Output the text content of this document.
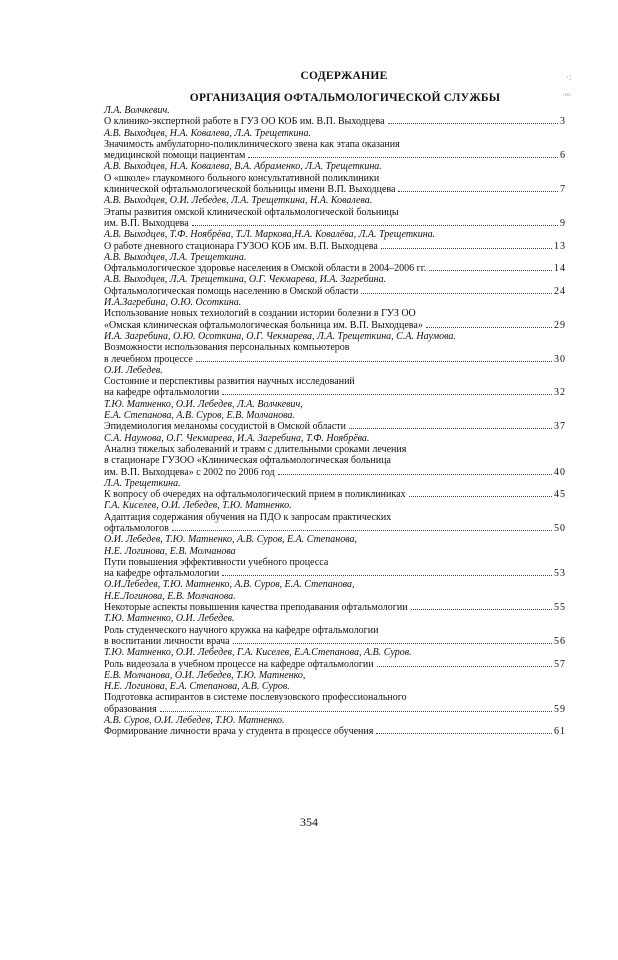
·:
·ˢᵃ·
СОДЕРЖАНИЕ
ОРГАНИЗАЦИЯ ОФТАЛЬМОЛОГИЧЕСКОЙ СЛУЖБЫ
Л.А. Волчкевич.
О клинико-экспертной работе в ГУЗ ОО КОБ им. В.П. Выходцева	3
А.В. Выходцев, Н.А. Ковалева, Л.А. Трещеткина.
Значимость амбулаторно-поликлинического звена как этапа оказания
медицинской помощи пациентам	6
А.В. Выходцев, Н.А. Ковалева, В.А. Абраменко, Л.А. Трещеткина.
О «школе» глаукомного больного консультативной поликлиники
клинической офтальмологической больницы имени В.П. Выходцева	7
А.В. Выходцев, О.И. Лебедев, Л.А. Трещеткина, Н.А. Ковалева.
Этапы развития омской клинической офтальмологической больницы
им. В.П. Выходцева	9
А.В. Выходцев, Т.Ф. Ноябрёва, Т.Л. Маркова,Н.А. Ковалёва, Л.А. Трещеткина.
О работе дневного стационара ГУЗОО КОБ им. В.П. Выходцева	13
А.В. Выходцев, Л.А. Трещеткина.
Офтальмологическое здоровье населения в Омской области в 2004–2006 гг.	14
А.В. Выходцев, Л.А. Трещеткина, О.Г. Чекмарева, И.А. Загребина.
Офтальмологическая помощь населению в Омской области	24
И.А.Загребина, О.Ю. Осоткина.
Использование новых технологий в создании истории болезни в ГУЗ ОО
«Омская клиническая офтальмологическая больница им. В.П. Выходцева»	29
И.А. Загребина, О.Ю. Осоткина, О.Г. Чекмарева, Л.А. Трещеткина, С.А. Наумова.
Возможности использования персональных компьютеров
в лечебном процессе	30
О.И. Лебедев.
Состояние и перспективы развития научных исследований
на кафедре офтальмологии	32
Т.Ю. Матненко, О.И. Лебедев, Л.А. Волчкевич,
Е.А. Степанова, А.В. Суров, Е.В. Молчанова.
Эпидемиология меланомы сосудистой в Омской области	37
С.А. Наумова, О.Г. Чекмарева, И.А. Загребина, Т.Ф. Ноябрёва.
Анализ тяжелых заболеваний и травм с длительными сроками лечения
в стационаре ГУЗОО «Клиническая офтальмологическая больница
им. В.П. Выходцева» с 2002 по 2006 год	40
Л.А. Трещеткина.
К вопросу об очередях на офтальмологический прием в поликлиниках	45
Г.А. Киселев, О.И. Лебедев, Т.Ю. Матненко.
Адаптация содержания обучения на ПДО к запросам практических
офтальмологов	50
О.И. Лебедев, Т.Ю. Матненко, А.В. Суров, Е.А. Степанова,
Н.Е. Логинова, Е.В. Молчанова
Пути повышения эффективности учебного процесса
на кафедре офтальмологии	53
О.И.Лебедев, Т.Ю. Матненко, А.В. Суров, Е.А. Степанова,
Н.Е.Логинова, Е.В. Молчанова.
Некоторые аспекты повышения качества преподавания офтальмологии	55
Т.Ю. Матненко, О.И. Лебедев.
Роль студенческого научного кружка на кафедре офтальмологии
в воспитании личности врача	56
Т.Ю. Матненко, О.И. Лебедев, Г.А. Киселев, Е.А.Степанова, А.В. Суров.
Роль видеозала в учебном процессе на кафедре офтальмологии	57
Е.В. Молчанова, О.И. Лебедев, Т.Ю. Матненко,
Н.Е. Логинова, Е.А. Степанова, А.В. Суров.
Подготовка аспирантов в системе послевузовского профессионального
образования	59
А.В. Суров, О.И. Лебедев, Т.Ю. Матненко.
Формирование личности врача у студента в процессе обучения	61
354
